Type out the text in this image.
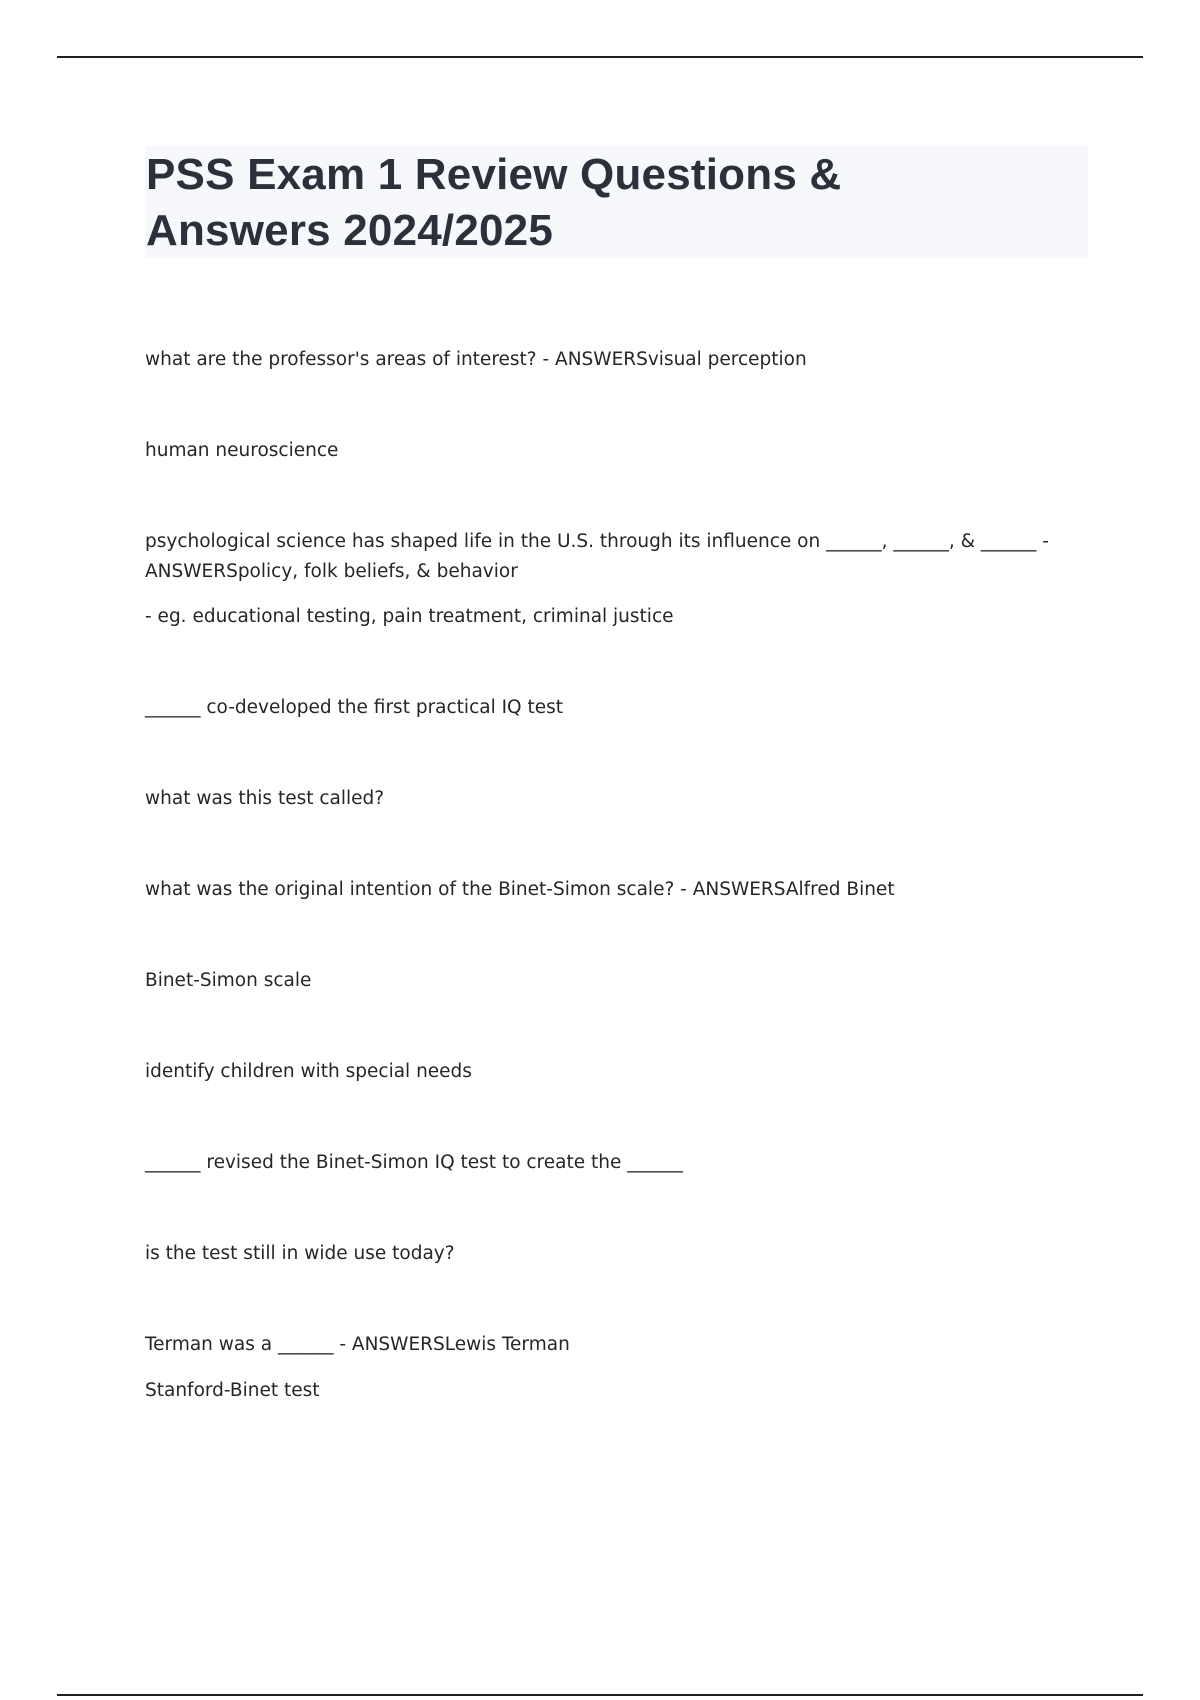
PSS Exam 1 Review Questions &
Answers 2024/2025

what are the professor's areas of interest? - ANSWERSvisual perception

human neuroscience

psychological science has shaped life in the U.S. through its influence on ______, ______, & ______ -

ANSWERSpolicy, folk beliefs, & behavior

- eg. educational testing, pain treatment, criminal justice

______ co-developed the first practical IQ test

what was this test called?

what was the original intention of the Binet-Simon scale? - ANSWERSAlfred Binet

Binet-Simon scale

identify children with special needs

______ revised the Binet-Simon IQ test to create the ______

is the test still in wide use today?

Terman was a ______ - ANSWERSLewis Terman

Stanford-Binet test
